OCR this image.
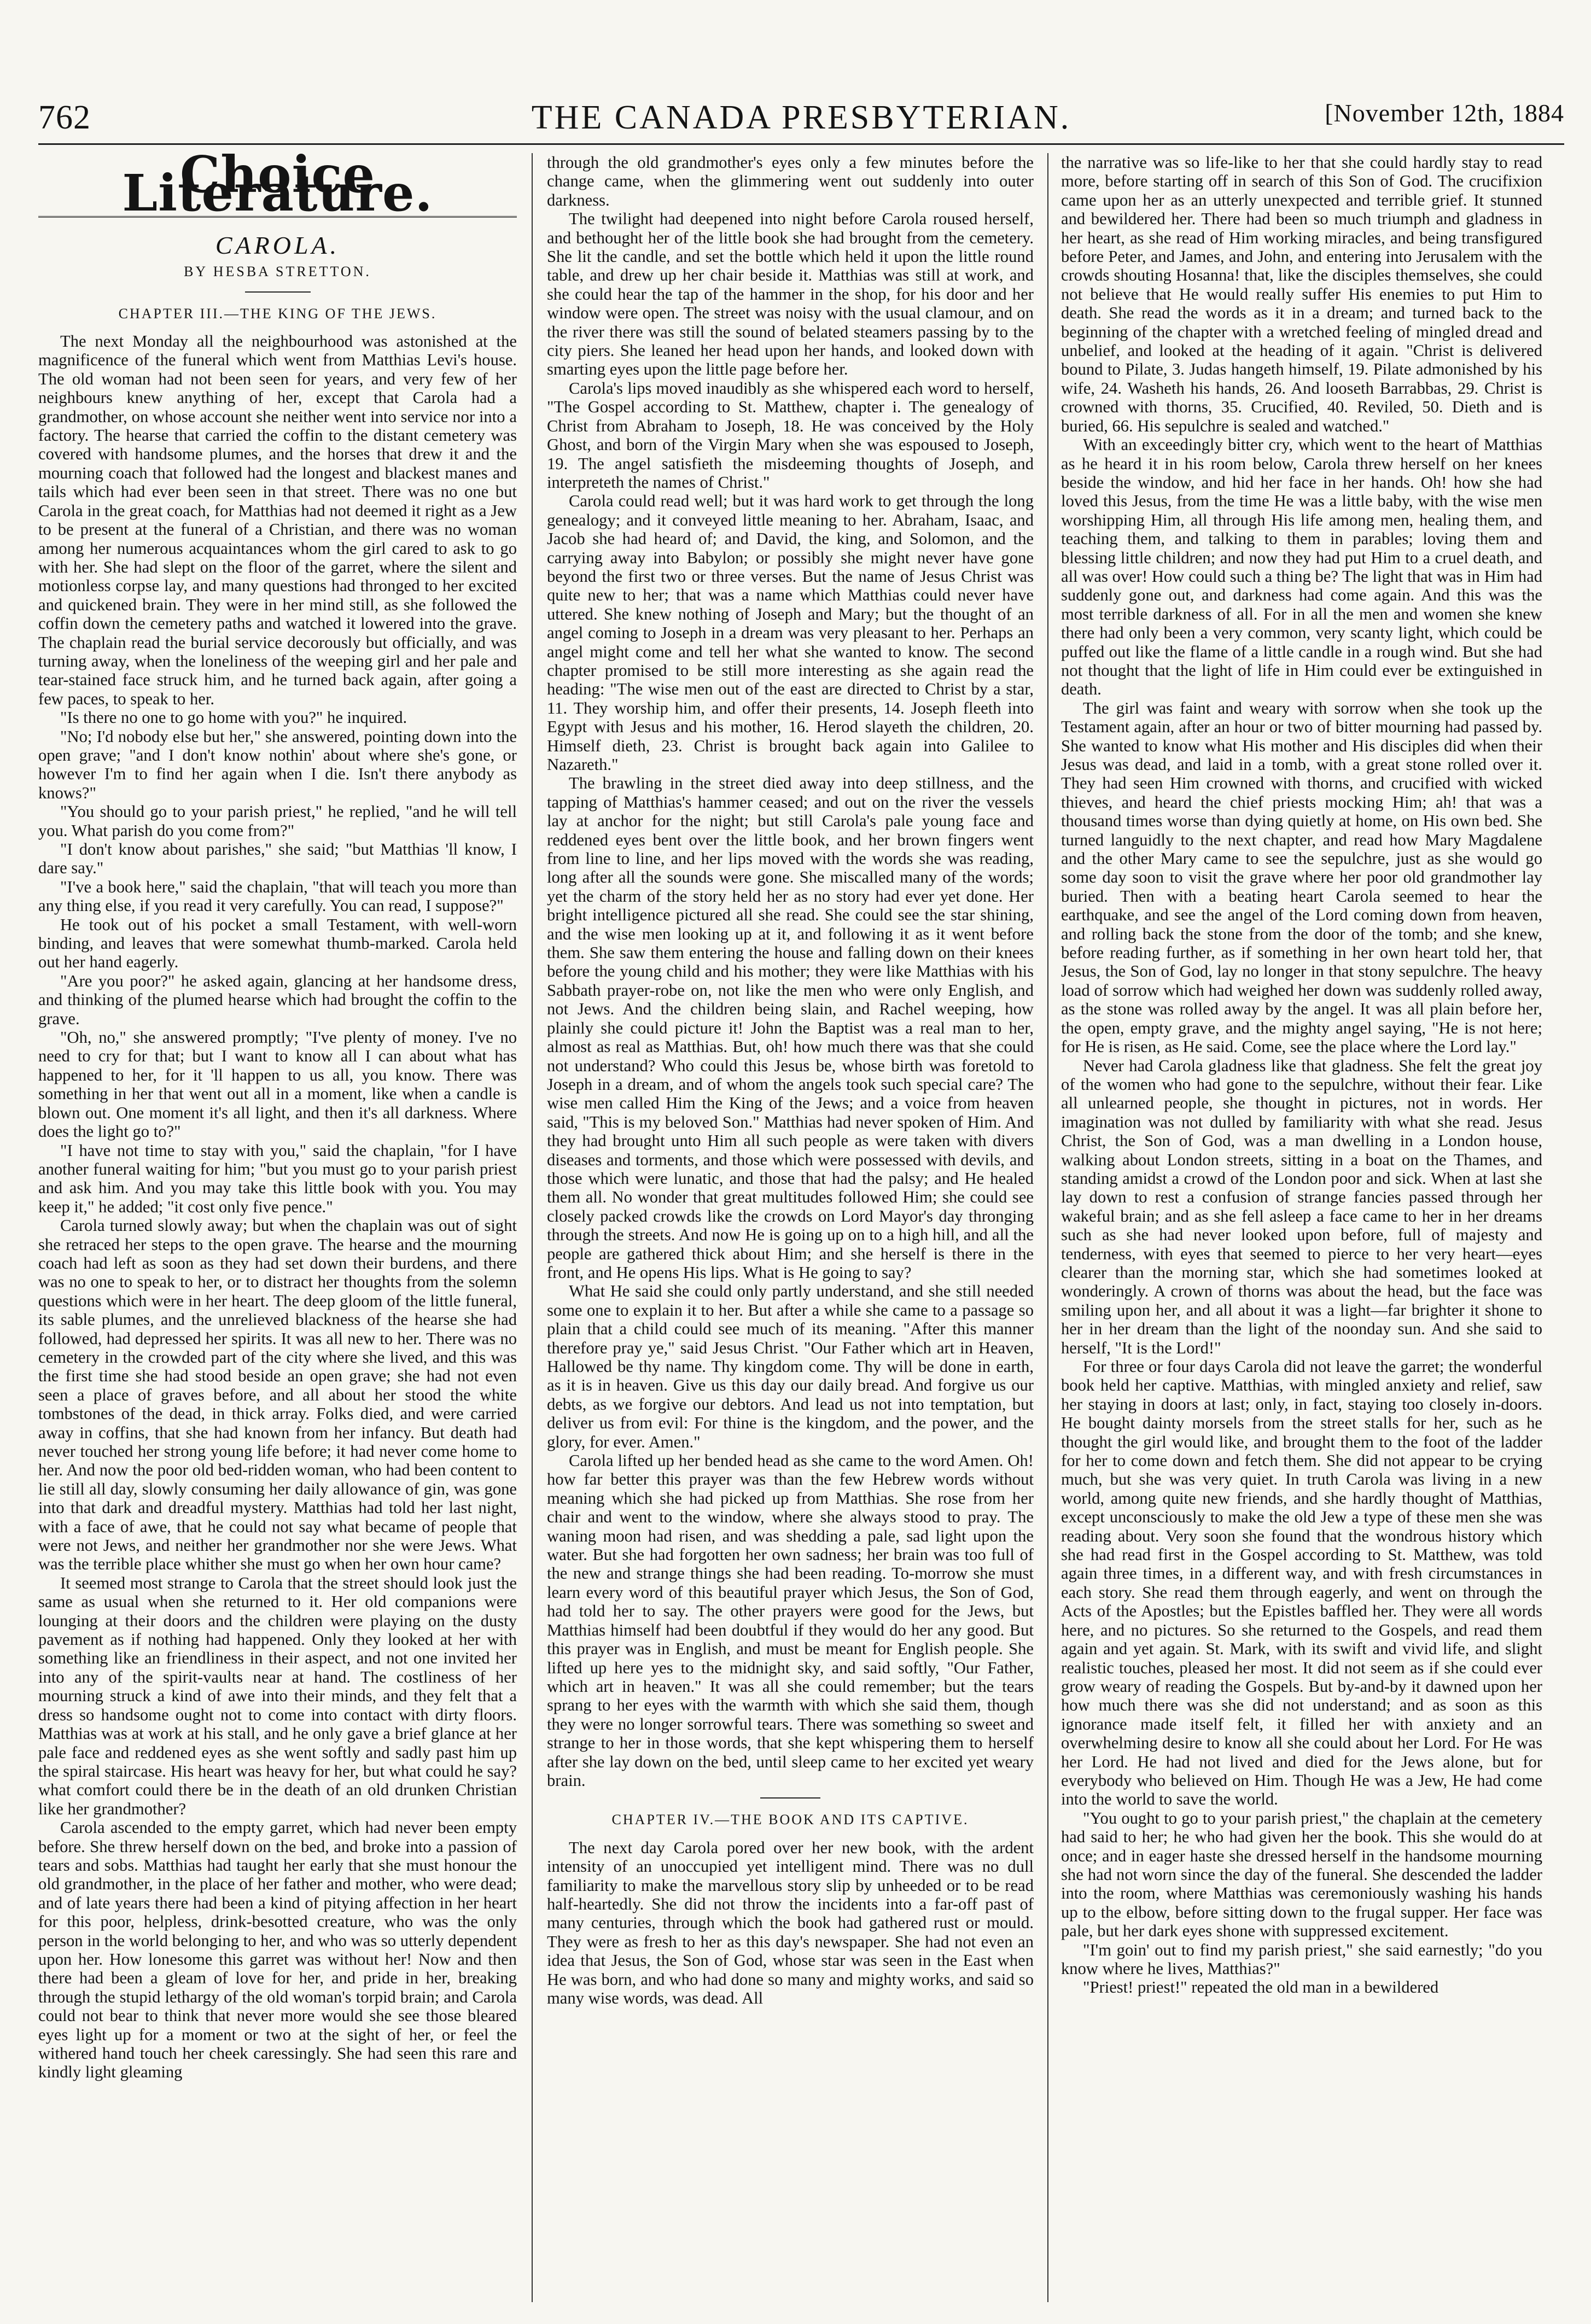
762	THE CANADA PRESBYTERIAN.	[November 12th, 1884
Choice Literature.
CAROLA.
BY HESBA STRETTON.
CHAPTER III.—THE KING OF THE JEWS.

The next Monday all the neighbourhood was astonished at the magnificence of the funeral which went from Matthias Levi's house. The old woman had not been seen for years, and very few of her neighbours knew anything of her, except that Carola had a grandmother, on whose account she neither went into service nor into a factory. The hearse that carried the coffin to the distant cemetery was covered with handsome plumes, and the horses that drew it and the mourning coach that followed had the longest and blackest manes and tails which had ever been seen in that street. There was no one but Carola in the great coach, for Matthias had not deemed it right as a Jew to be present at the funeral of a Christian, and there was no woman among her numerous acquaintances whom the girl cared to ask to go with her. She had slept on the floor of the garret, where the silent and motionless corpse lay, and many questions had thronged to her excited and quickened brain. They were in her mind still, as she followed the coffin down the cemetery paths and watched it lowered into the grave. The chaplain read the burial service decorously but officially, and was turning away, when the loneliness of the weeping girl and her pale and tear-stained face struck him, and he turned back again, after going a few paces, to speak to her.

"Is there no one to go home with you?" he inquired.

"No; I'd nobody else but her," she answered, pointing down into the open grave; "and I don't know nothin' about where she's gone, or however I'm to find her again when I die. Isn't there anybody as knows?"

"You should go to your parish priest," he replied, "and he will tell you. What parish do you come from?"

"I don't know about parishes," she said; "but Matthias 'll know, I dare say."

"I've a book here," said the chaplain, "that will teach you more than any thing else, if you read it very carefully. You can read, I suppose?"

He took out of his pocket a small Testament, with well-worn binding, and leaves that were somewhat thumb-marked. Carola held out her hand eagerly.

"Are you poor?" he asked again, glancing at her handsome dress, and thinking of the plumed hearse which had brought the coffin to the grave.

"Oh, no," she answered promptly; "I've plenty of money. I've no need to cry for that; but I want to know all I can about what has happened to her, for it 'll happen to us all, you know. There was something in her that went out all in a moment, like when a candle is blown out. One moment it's all light, and then it's all darkness. Where does the light go to?"

"I have not time to stay with you," said the chaplain, "for I have another funeral waiting for him; "but you must go to your parish priest and ask him. And you may take this little book with you. You may keep it," he added; "it cost only five pence."

Carola turned slowly away; but when the chaplain was out of sight she retraced her steps to the open grave. The hearse and the mourning coach had left as soon as they had set down their burdens, and there was no one to speak to her, or to distract her thoughts from the solemn questions which were in her heart. The deep gloom of the little funeral, its sable plumes, and the unrelieved blackness of the hearse she had followed, had depressed her spirits. It was all new to her. There was no cemetery in the crowded part of the city where she lived, and this was the first time she had stood beside an open grave; she had not even seen a place of graves before, and all about her stood the white tombstones of the dead, in thick array. Folks died, and were carried away in coffins, that she had known from her infancy. But death had never touched her strong young life before; it had never come home to her. And now the poor old bed-ridden woman, who had been content to lie still all day, slowly consuming her daily allowance of gin, was gone into that dark and dreadful mystery. Matthias had told her last night, with a face of awe, that he could not say what became of people that were not Jews, and neither her grandmother nor she were Jews. What was the terrible place whither she must go when her own hour came?

It seemed most strange to Carola that the street should look just the same as usual when she returned to it. Her old companions were lounging at their doors and the children were playing on the dusty pavement as if nothing had happened. Only they looked at her with something like an friendliness in their aspect, and not one invited her into any of the spirit-vaults near at hand. The costliness of her mourning struck a kind of awe into their minds, and they felt that a dress so handsome ought not to come into contact with dirty floors. Matthias was at work at his stall, and he only gave a brief glance at her pale face and reddened eyes as she went softly and sadly past him up the spiral staircase. His heart was heavy for her, but what could he say? what comfort could there be in the death of an old drunken Christian like her grandmother?

Carola ascended to the empty garret, which had never been empty before. She threw herself down on the bed, and broke into a passion of tears and sobs. Matthias had taught her early that she must honour the old grandmother, in the place of her father and mother, who were dead; and of late years there had been a kind of pitying affection in her heart for this poor, helpless, drink-besotted creature, who was the only person in the world belonging to her, and who was so utterly dependent upon her. How lonesome this garret was without her! Now and then there had been a gleam of love for her, and pride in her, breaking through the stupid lethargy of the old woman's torpid brain; and Carola could not bear to think that never more would she see those bleared eyes light up for a moment or two at the sight of her, or feel the withered hand touch her cheek caressingly. She had seen this rare and kindly light gleaming

through the old grandmother's eyes only a few minutes before the change came, when the glimmering went out suddenly into outer darkness.

The twilight had deepened into night before Carola roused herself, and bethought her of the little book she had brought from the cemetery. She lit the candle, and set the bottle which held it upon the little round table, and drew up her chair beside it. Matthias was still at work, and she could hear the tap of the hammer in the shop, for his door and her window were open. The street was noisy with the usual clamour, and on the river there was still the sound of belated steamers passing by to the city piers. She leaned her head upon her hands, and looked down with smarting eyes upon the little page before her.

Carola's lips moved inaudibly as she whispered each word to herself, "The Gospel according to St. Matthew, chapter i. The genealogy of Christ from Abraham to Joseph, 18. He was conceived by the Holy Ghost, and born of the Virgin Mary when she was espoused to Joseph, 19. The angel satisfieth the misdeeming thoughts of Joseph, and interpreteth the names of Christ."

Carola could read well; but it was hard work to get through the long genealogy; and it conveyed little meaning to her. Abraham, Isaac, and Jacob she had heard of; and David, the king, and Solomon, and the carrying away into Babylon; or possibly she might never have gone beyond the first two or three verses. But the name of Jesus Christ was quite new to her; that was a name which Matthias could never have uttered. She knew nothing of Joseph and Mary; but the thought of an angel coming to Joseph in a dream was very pleasant to her. Perhaps an angel might come and tell her what she wanted to know. The second chapter promised to be still more interesting as she again read the heading: "The wise men out of the east are directed to Christ by a star, 11. They worship him, and offer their presents, 14. Joseph fleeth into Egypt with Jesus and his mother, 16. Herod slayeth the children, 20. Himself dieth, 23. Christ is brought back again into Galilee to Nazareth."

The brawling in the street died away into deep stillness, and the tapping of Matthias's hammer ceased; and out on the river the vessels lay at anchor for the night; but still Carola's pale young face and reddened eyes bent over the little book, and her brown fingers went from line to line, and her lips moved with the words she was reading, long after all the sounds were gone. She miscalled many of the words; yet the charm of the story held her as no story had ever yet done. Her bright intelligence pictured all she read. She could see the star shining, and the wise men looking up at it, and following it as it went before them. She saw them entering the house and falling down on their knees before the young child and his mother; they were like Matthias with his Sabbath prayer-robe on, not like the men who were only English, and not Jews. And the children being slain, and Rachel weeping, how plainly she could picture it! John the Baptist was a real man to her, almost as real as Matthias. But, oh! how much there was that she could not understand? Who could this Jesus be, whose birth was foretold to Joseph in a dream, and of whom the angels took such special care? The wise men called Him the King of the Jews; and a voice from heaven said, "This is my beloved Son." Matthias had never spoken of Him. And they had brought unto Him all such people as were taken with divers diseases and torments, and those which were possessed with devils, and those which were lunatic, and those that had the palsy; and He healed them all. No wonder that great multitudes followed Him; she could see closely packed crowds like the crowds on Lord Mayor's day thronging through the streets. And now He is going up on to a high hill, and all the people are gathered thick about Him; and she herself is there in the front, and He opens His lips. What is He going to say?

What He said she could only partly understand, and she still needed some one to explain it to her. But after a while she came to a passage so plain that a child could see much of its meaning. "After this manner therefore pray ye," said Jesus Christ. "Our Father which art in Heaven, Hallowed be thy name. Thy kingdom come. Thy will be done in earth, as it is in heaven. Give us this day our daily bread. And forgive us our debts, as we forgive our debtors. And lead us not into temptation, but deliver us from evil: For thine is the kingdom, and the power, and the glory, for ever. Amen."

Carola lifted up her bended head as she came to the word Amen. Oh! how far better this prayer was than the few Hebrew words without meaning which she had picked up from Matthias. She rose from her chair and went to the window, where she always stood to pray. The waning moon had risen, and was shedding a pale, sad light upon the water. But she had forgotten her own sadness; her brain was too full of the new and strange things she had been reading. To-morrow she must learn every word of this beautiful prayer which Jesus, the Son of God, had told her to say. The other prayers were good for the Jews, but Matthias himself had been doubtful if they would do her any good. But this prayer was in English, and must be meant for English people. She lifted up here yes to the midnight sky, and said softly, "Our Father, which art in heaven." It was all she could remember; but the tears sprang to her eyes with the warmth with which she said them, though they were no longer sorrowful tears. There was something so sweet and strange to her in those words, that she kept whispering them to herself after she lay down on the bed, until sleep came to her excited yet weary brain.

CHAPTER IV.—THE BOOK AND ITS CAPTIVE.

The next day Carola pored over her new book, with the ardent intensity of an unoccupied yet intelligent mind. There was no dull familiarity to make the marvellous story slip by unheeded or to be read half-heartedly. She did not throw the incidents into a far-off past of many centuries, through which the book had gathered rust or mould. They were as fresh to her as this day's newspaper. She had not even an idea that Jesus, the Son of God, whose star was seen in the East when He was born, and who had done so many and mighty works, and said so many wise words, was dead. All

the narrative was so life-like to her that she could hardly stay to read more, before starting off in search of this Son of God. The crucifixion came upon her as an utterly unexpected and terrible grief. It stunned and bewildered her. There had been so much triumph and gladness in her heart, as she read of Him working miracles, and being transfigured before Peter, and James, and John, and entering into Jerusalem with the crowds shouting Hosanna! that, like the disciples themselves, she could not believe that He would really suffer His enemies to put Him to death. She read the words as it in a dream; and turned back to the beginning of the chapter with a wretched feeling of mingled dread and unbelief, and looked at the heading of it again. "Christ is delivered bound to Pilate, 3. Judas hangeth himself, 19. Pilate admonished by his wife, 24. Washeth his hands, 26. And looseth Barrabbas, 29. Christ is crowned with thorns, 35. Crucified, 40. Reviled, 50. Dieth and is buried, 66. His sepulchre is sealed and watched."

With an exceedingly bitter cry, which went to the heart of Matthias as he heard it in his room below, Carola threw herself on her knees beside the window, and hid her face in her hands. Oh! how she had loved this Jesus, from the time He was a little baby, with the wise men worshipping Him, all through His life among men, healing them, and teaching them, and talking to them in parables; loving them and blessing little children; and now they had put Him to a cruel death, and all was over! How could such a thing be? The light that was in Him had suddenly gone out, and darkness had come again. And this was the most terrible darkness of all. For in all the men and women she knew there had only been a very common, very scanty light, which could be puffed out like the flame of a little candle in a rough wind. But she had not thought that the light of life in Him could ever be extinguished in death.

The girl was faint and weary with sorrow when she took up the Testament again, after an hour or two of bitter mourning had passed by. She wanted to know what His mother and His disciples did when their Jesus was dead, and laid in a tomb, with a great stone rolled over it. They had seen Him crowned with thorns, and crucified with wicked thieves, and heard the chief priests mocking Him; ah! that was a thousand times worse than dying quietly at home, on His own bed. She turned languidly to the next chapter, and read how Mary Magdalene and the other Mary came to see the sepulchre, just as she would go some day soon to visit the grave where her poor old grandmother lay buried. Then with a beating heart Carola seemed to hear the earthquake, and see the angel of the Lord coming down from heaven, and rolling back the stone from the door of the tomb; and she knew, before reading further, as if something in her own heart told her, that Jesus, the Son of God, lay no longer in that stony sepulchre. The heavy load of sorrow which had weighed her down was suddenly rolled away, as the stone was rolled away by the angel. It was all plain before her, the open, empty grave, and the mighty angel saying, "He is not here; for He is risen, as He said. Come, see the place where the Lord lay."

Never had Carola gladness like that gladness. She felt the great joy of the women who had gone to the sepulchre, without their fear. Like all unlearned people, she thought in pictures, not in words. Her imagination was not dulled by familiarity with what she read. Jesus Christ, the Son of God, was a man dwelling in a London house, walking about London streets, sitting in a boat on the Thames, and standing amidst a crowd of the London poor and sick. When at last she lay down to rest a confusion of strange fancies passed through her wakeful brain; and as she fell asleep a face came to her in her dreams such as she had never looked upon before, full of majesty and tenderness, with eyes that seemed to pierce to her very heart—eyes clearer than the morning star, which she had sometimes looked at wonderingly. A crown of thorns was about the head, but the face was smiling upon her, and all about it was a light—far brighter it shone to her in her dream than the light of the noonday sun. And she said to herself, "It is the Lord!"

For three or four days Carola did not leave the garret; the wonderful book held her captive. Matthias, with mingled anxiety and relief, saw her staying in doors at last; only, in fact, staying too closely in-doors. He bought dainty morsels from the street stalls for her, such as he thought the girl would like, and brought them to the foot of the ladder for her to come down and fetch them. She did not appear to be crying much, but she was very quiet. In truth Carola was living in a new world, among quite new friends, and she hardly thought of Matthias, except unconsciously to make the old Jew a type of these men she was reading about. Very soon she found that the wondrous history which she had read first in the Gospel according to St. Matthew, was told again three times, in a different way, and with fresh circumstances in each story. She read them through eagerly, and went on through the Acts of the Apostles; but the Epistles baffled her. They were all words here, and no pictures. So she returned to the Gospels, and read them again and yet again. St. Mark, with its swift and vivid life, and slight realistic touches, pleased her most. It did not seem as if she could ever grow weary of reading the Gospels. But by-and-by it dawned upon her how much there was she did not understand; and as soon as this ignorance made itself felt, it filled her with anxiety and an overwhelming desire to know all she could about her Lord. For He was her Lord. He had not lived and died for the Jews alone, but for everybody who believed on Him. Though He was a Jew, He had come into the world to save the world.

"You ought to go to your parish priest," the chaplain at the cemetery had said to her; he who had given her the book. This she would do at once; and in eager haste she dressed herself in the handsome mourning she had not worn since the day of the funeral. She descended the ladder into the room, where Matthias was ceremoniously washing his hands up to the elbow, before sitting down to the frugal supper. Her face was pale, but her dark eyes shone with suppressed excitement.

"I'm goin' out to find my parish priest," she said earnestly; "do you know where he lives, Matthias?"

"Priest! priest!" repeated the old man in a bewildered
